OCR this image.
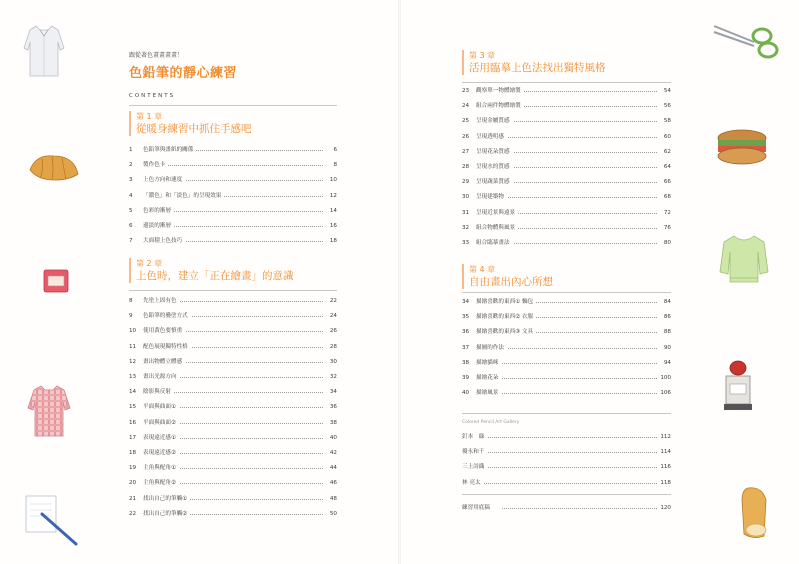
跟從著色畫畫畫畫！
色鉛筆的靜心練習
CONTENTS
第 1 章
從暖身練習中抓住手感吧
1	色鉛筆與畫紙的關係	6
2	製作色卡	8
3	上色方向和速度	10
4	「濃色」和「淡色」的呈現效果	12
5	色彩的漸層	14
6	邊淡的漸層	16
7	大面積上色技巧	18
第 2 章
上色時，建立「正在繪畫」的意識
8	先塗上固有色	22
9	色鉛筆的疊塗方式	24
10	使用黃色要慎重	26
11	配色展現獨特性格	28
12	畫出物體立體感	30
13	畫出光源方向	32
14	陰影與反射	34
15	平面與曲面①	36
16	平面與曲面②	38
17	表現遠近感①	40
18	表現遠近感②	42
19	主角與配角①	44
20	主角與配角②	46
21	找出自己的筆觸①	48
22	找出自己的筆觸②	50
第 3 章
活用臨摹上色法找出獨特風格
23	觀察單一物體繪製	54
24	組合兩件物體繪製	56
25	呈現金屬質感	58
26	呈現透明感	60
27	呈現花朵質感	62
28	呈現水的質感	64
29	呈現蔬菜質感	66
30	呈現建築物	68
31	呈現近景與遠景	72
32	組合物體與風景	76
33	組合臨摹畫法	80
第 4 章
自由畫出內心所想
34	描繪喜歡的東西① 麵包	84
35	描繪喜歡的東西② 衣服	86
36	描繪喜歡的東西③ 文具	88
37	描圖的作法	90
38	描繪貓咪	94
39	描繪花朵	100
40	描繪風景	106
Colored Pencil Art Gallery
釘本　綠	112
優永和千	114
三上詩織	116
林 亮太	118
練習用底稿	120
